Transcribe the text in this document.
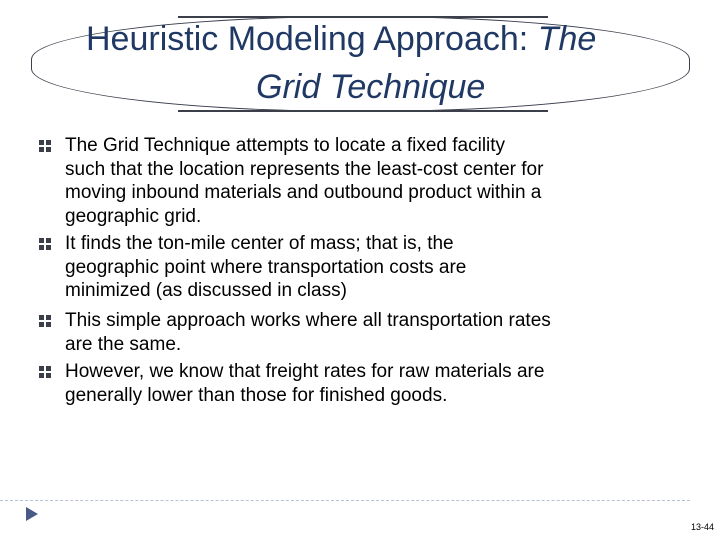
Heuristic Modeling Approach: The
Grid Technique
The Grid Technique attempts to locate a fixed facility
such that the location represents the least-cost center for
moving inbound materials and outbound product within a
geographic grid.
It finds the ton-mile center of mass; that is, the
geographic point where transportation costs are
minimized (as discussed in class)
This simple approach works where all transportation rates
are the same.
However, we know that freight rates for raw materials are
generally lower than those for finished goods.
13-44
